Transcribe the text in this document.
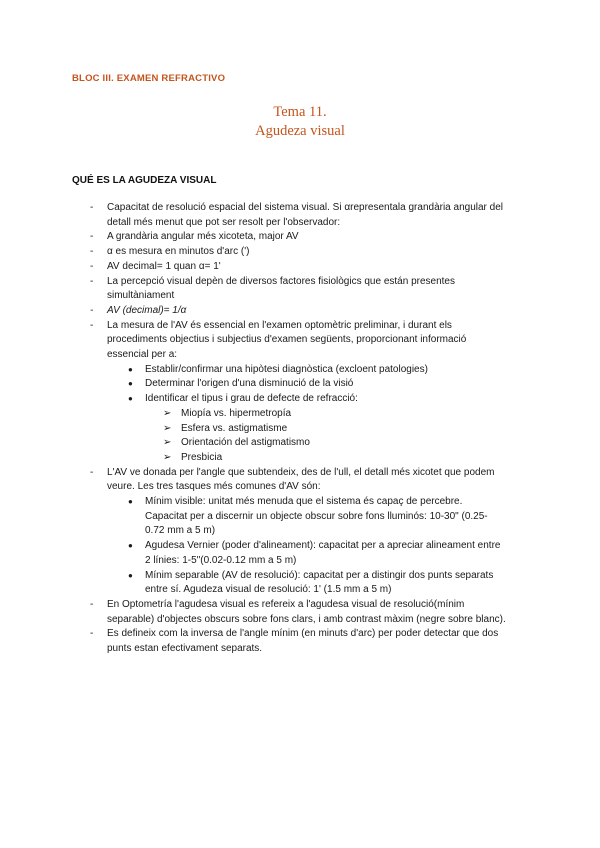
BLOC III. EXAMEN REFRACTIVO
Tema 11.
Agudeza visual
QUÉ ES LA AGUDEZA VISUAL

- Capacitat de resolució espacial del sistema visual. Si αrepresentala grandària angular del detall més menut que pot ser resolt per l'observador:

- A grandària angular més xicoteta, major AV

- α es mesura en minutos d'arc (')

- AV decimal= 1 quan α= 1'

- La percepció visual depèn de diversos factores fisiològics que están presentes simultàniament

- AV (decimal)= 1/α

- La mesura de l'AV és essencial en l'examen optomètric preliminar, i durant els procediments objectius i subjectius d'examen següents, proporcionant informació essencial per a:

● Establir/confirmar una hipòtesi diagnòstica (excloent patologies)

● Determinar l'origen d'una disminució de la visió

● Identificar el tipus i grau de defecte de refracció:

➢ Miopía vs. hipermetropía

➢ Esfera vs. astigmatisme

➢ Orientación del astigmatismo

➢ Presbicia

- L'AV ve donada per l'angle que subtendeix, des de l'ull, el detall més xicotet que podem veure. Les tres tasques més comunes d'AV són:

● Mínim visible: unitat més menuda que el sistema és capaç de percebre. Capacitat per a discernir un objecte obscur sobre fons lluminós: 10-30" (0.25-0.72 mm a 5 m)

● Agudesa Vernier (poder d'alineament): capacitat per a apreciar alineament entre 2 línies: 1-5"(0.02-0.12 mm a 5 m)

● Mínim separable (AV de resolució): capacitat per a distingir dos punts separats entre sí. Agudeza visual de resolució: 1' (1.5 mm a 5 m)

- En Optometría l'agudesa visual es refereix a l'agudesa visual de resolució(mínim separable) d'objectes obscurs sobre fons clars, i amb contrast màxim (negre sobre blanc).

- Es defineix com la inversa de l'angle mínim (en minuts d'arc) per poder detectar que dos punts estan efectivament separats.
